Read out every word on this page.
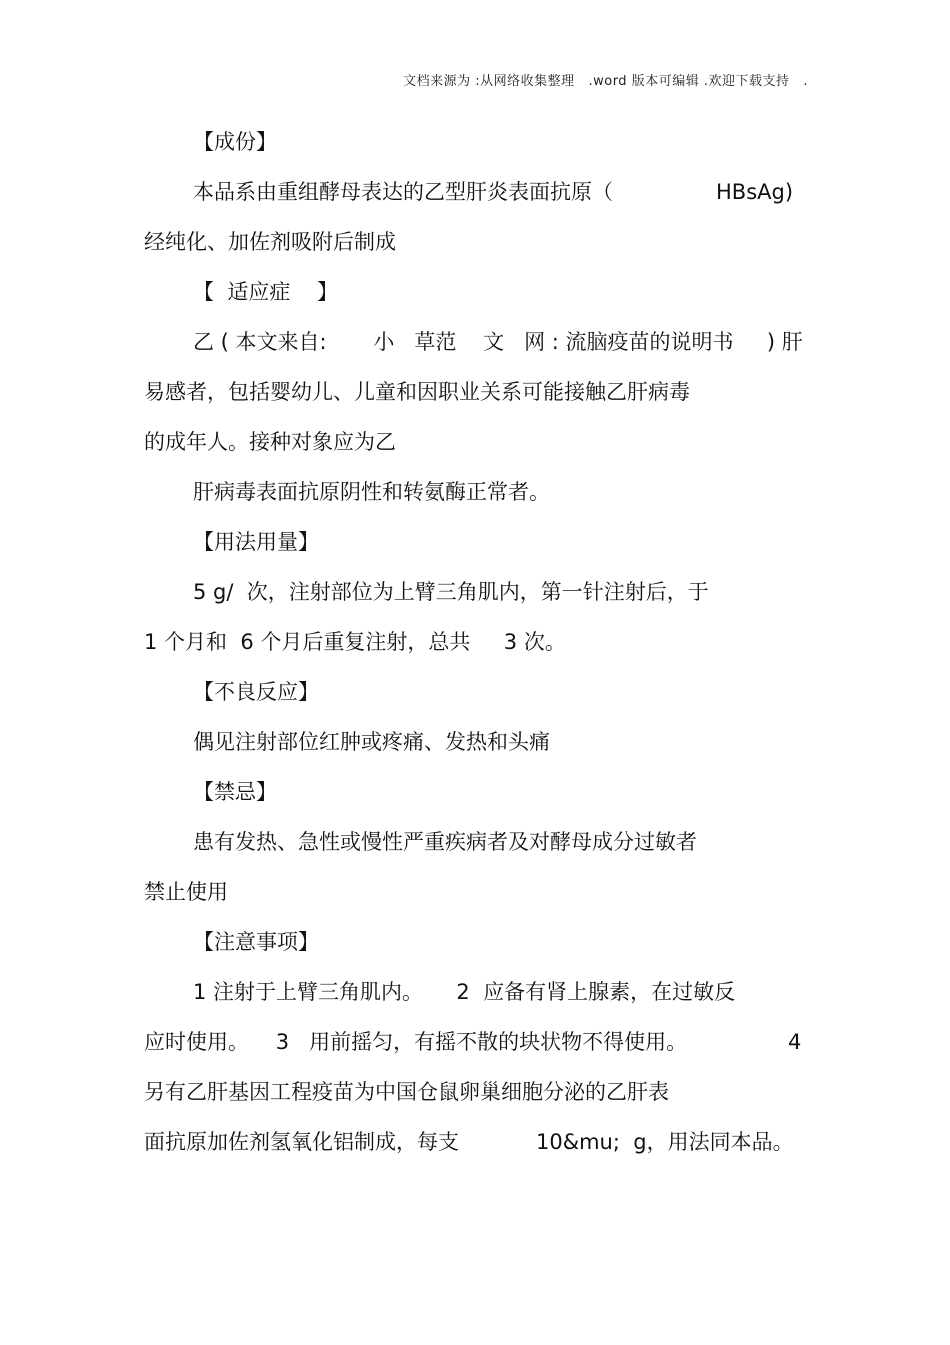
文档来源为 :从网络收集整理   .word 版本可编辑 .欢迎下载支持   .
【成份】
本品系由重组酵母表达的乙型肝炎表面抗原（	HBsAg)
经纯化、加佐剂吸附后制成
【  适应症    】
乙 ( 本文来自:       小   草范    文   网 : 流脑疫苗的说明书     ) 肝
易感者，包括婴幼儿、儿童和因职业关系可能接触乙肝病毒
的成年人。接种对象应为乙
肝病毒表面抗原阴性和转氨酶正常者。
【用法用量】
5 g/  次，注射部位为上臂三角肌内，第一针注射后，于
1 个月和  6 个月后重复注射，总共     3 次。
【不良反应】
偶见注射部位红肿或疼痛、发热和头痛
【禁忌】
患有发热、急性或慢性严重疾病者及对酵母成分过敏者
禁止使用
【注意事项】
1 注射于上臂三角肌内。     2  应备有肾上腺素，在过敏反
应时使用。    3   用前摇匀，有摇不散的块状物不得使用。	4
另有乙肝基因工程疫苗为中国仓鼠卵巢细胞分泌的乙肝表
面抗原加佐剂氢氧化铝制成，每支	10&mu;  g，用法同本品。
